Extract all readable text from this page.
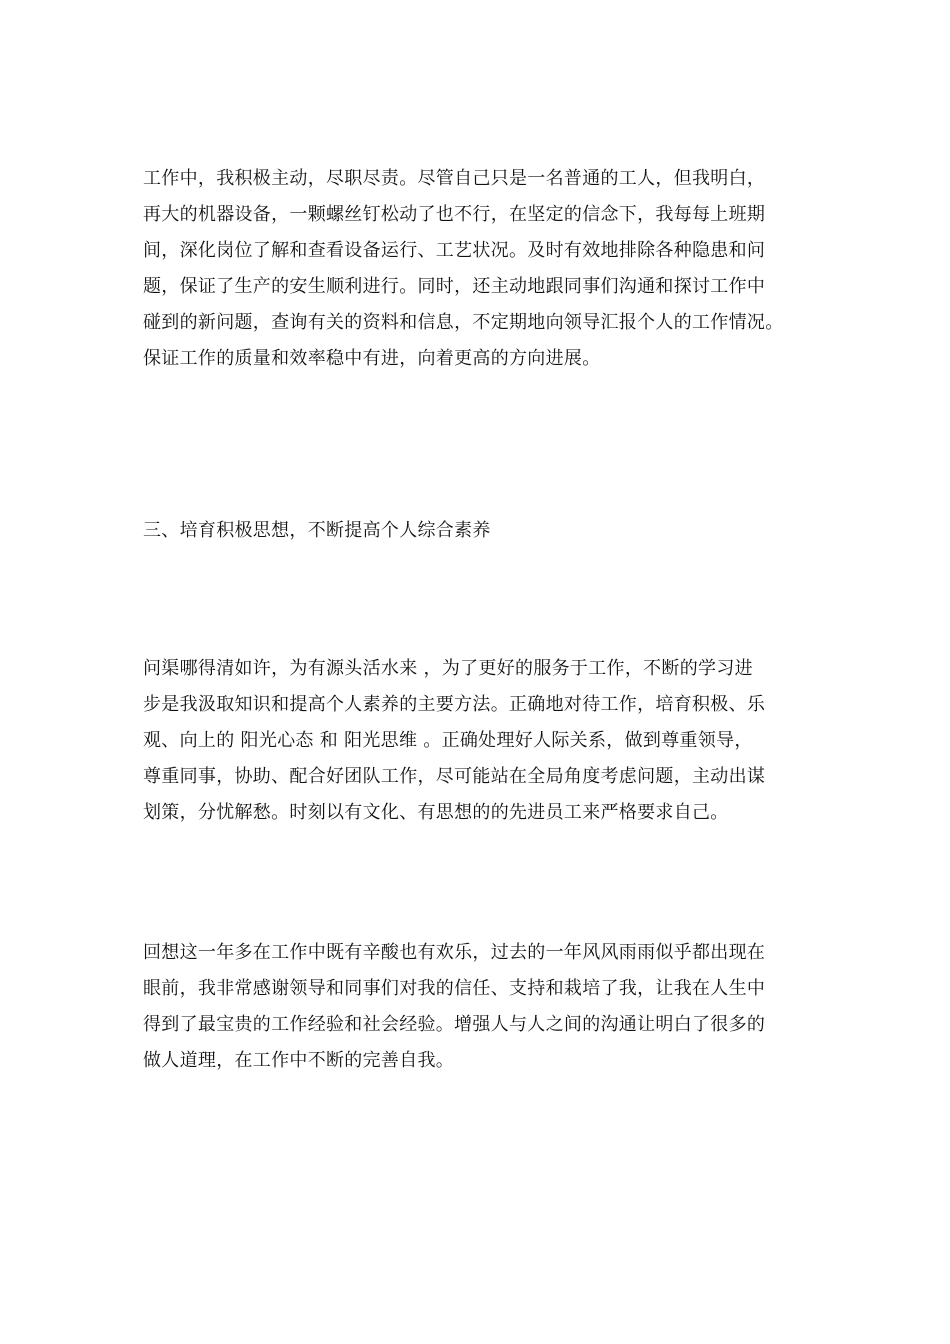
工作中，我积极主动，尽职尽责。尽管自己只是一名普通的工人，但我明白，
再大的机器设备，一颗螺丝钉松动了也不行，在坚定的信念下，我每每上班期
间，深化岗位了解和查看设备运行、工艺状况。及时有效地排除各种隐患和问
题，保证了生产的安生顺利进行。同时，还主动地跟同事们沟通和探讨工作中
碰到的新问题，查询有关的资料和信息，不定期地向领导汇报个人的工作情况。
保证工作的质量和效率稳中有进，向着更高的方向进展。
三、培育积极思想，不断提高个人综合素养
问渠哪得清如许，为有源头活水来 ，为了更好的服务于工作，不断的学习进
步是我汲取知识和提高个人素养的主要方法。正确地对待工作，培育积极、乐
观、向上的 阳光心态 和 阳光思维 。正确处理好人际关系，做到尊重领导，
尊重同事，协助、配合好团队工作，尽可能站在全局角度考虑问题，主动出谋
划策，分忧解愁。时刻以有文化、有思想的的先进员工来严格要求自己。
回想这一年多在工作中既有辛酸也有欢乐，过去的一年风风雨雨似乎都出现在
眼前，我非常感谢领导和同事们对我的信任、支持和栽培了我，让我在人生中
得到了最宝贵的工作经验和社会经验。增强人与人之间的沟通让明白了很多的
做人道理，在工作中不断的完善自我。
